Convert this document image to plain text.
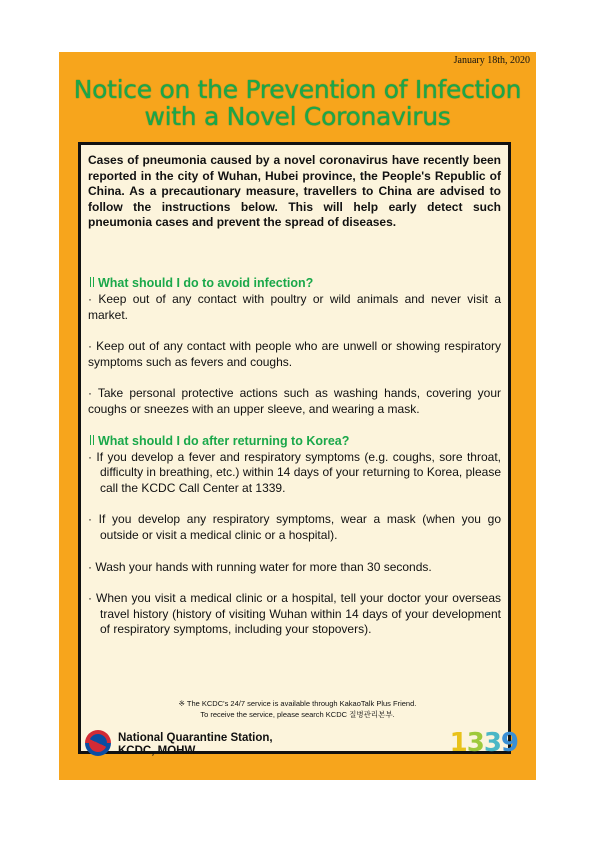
January 18th, 2020
Notice on the Prevention of Infection
with a Novel Coronavirus
Cases of pneumonia caused by a novel coronavirus have recently been reported in the city of Wuhan, Hubei province, the People's Republic of China. As a precautionary measure, travellers to China are advised to follow the instructions below. This will help early detect such pneumonia cases and prevent the spread of diseases.
What should I do to avoid infection?
· Keep out of any contact with poultry or wild animals and never visit a market.
· Keep out of any contact with people who are unwell or showing respiratory symptoms such as fevers and coughs.
· Take personal protective actions such as washing hands, covering your coughs or sneezes with an upper sleeve, and wearing a mask.
What should I do after returning to Korea?
· If you develop a fever and respiratory symptoms (e.g. coughs, sore throat, difficulty in breathing, etc.) within 14 days of your returning to Korea, please call the KCDC Call Center at 1339.
· If you develop any respiratory symptoms, wear a mask (when you go outside or visit a medical clinic or a hospital).
· Wash your hands with running water for more than 30 seconds.
· When you visit a medical clinic or a hospital, tell your doctor your overseas travel history (history of visiting Wuhan within 14 days of your development of respiratory symptoms, including your stopovers).
※ The KCDC's 24/7 service is available through KakaoTalk Plus Friend.
To receive the service, please search KCDC 질병관리본부.
National Quarantine Station,
KCDC, MOHW	1339
